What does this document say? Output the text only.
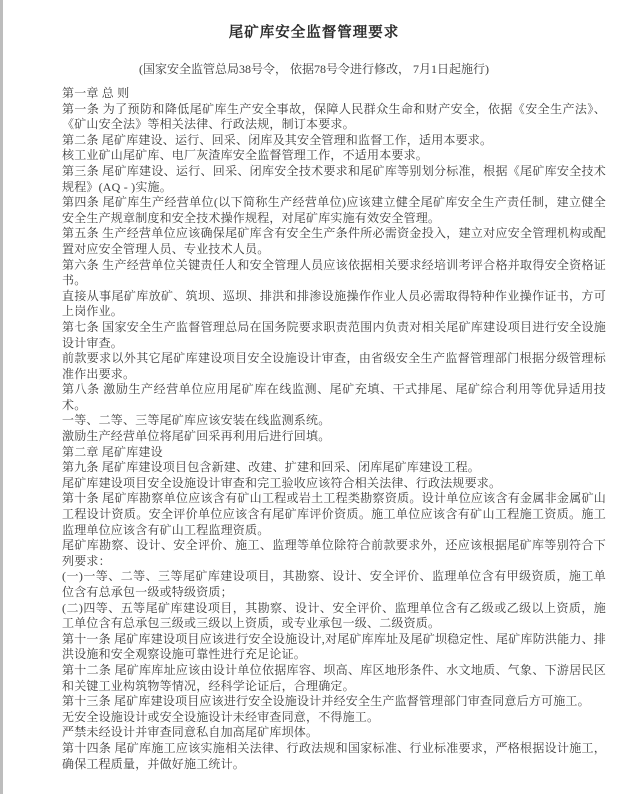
尾矿库安全监督管理要求

(国家安全监管总局38号令， 依据78号令进行修改， 7月1日起施行)

第一章 总 则

第一条 为了预防和降低尾矿库生产安全事故，保障人民群众生命和财产安全，依据《安全生产法》、《矿山安全法》等相关法律、行政法规，制订本要求。

第二条 尾矿库建设、运行、回采、闭库及其安全管理和监督工作，适用本要求。

核工业矿山尾矿库、电厂灰渣库安全监督管理工作，不适用本要求。

第三条 尾矿库建设、运行、回采、闭库安全技术要求和尾矿库等别划分标准，根据《尾矿库安全技术规程》(AQ - )实施。

第四条 尾矿库生产经营单位(以下简称生产经营单位)应该建立健全尾矿库安全生产责任制，建立健全安全生产规章制度和安全技术操作规程，对尾矿库实施有效安全管理。

第五条 生产经营单位应该确保尾矿库含有安全生产条件所必需资金投入，建立对应安全管理机构或配置对应安全管理人员、专业技术人员。

第六条 生产经营单位关键责任人和安全管理人员应该依据相关要求经培训考评合格并取得安全资格证书。

直接从事尾矿库放矿、筑坝、巡坝、排洪和排渗设施操作作业人员必需取得特种作业操作证书，方可上岗作业。

第七条 国家安全生产监督管理总局在国务院要求职责范围内负责对相关尾矿库建设项目进行安全设施设计审查。

前款要求以外其它尾矿库建设项目安全设施设计审查，由省级安全生产监督管理部门根据分级管理标准作出要求。

第八条 激励生产经营单位应用尾矿库在线监测、尾矿充填、干式排尾、尾矿综合利用等优异适用技术。

一等、二等、三等尾矿库应该安装在线监测系统。

激励生产经营单位将尾矿回采再利用后进行回填。

第二章 尾矿库建设

第九条 尾矿库建设项目包含新建、改建、扩建和回采、闭库尾矿库建设工程。

尾矿库建设项目安全设施设计审查和完工验收应该符合相关法律、行政法规要求。

第十条 尾矿库勘察单位应该含有矿山工程或岩土工程类勘察资质。设计单位应该含有金属非金属矿山工程设计资质。安全评价单位应该含有尾矿库评价资质。施工单位应该含有矿山工程施工资质。施工监理单位应该含有矿山工程监理资质。

尾矿库勘察、设计、安全评价、施工、监理等单位除符合前款要求外，还应该根据尾矿库等别符合下列要求：

(一)一等、二等、三等尾矿库建设项目，其勘察、设计、安全评价、监理单位含有甲级资质，施工单位含有总承包一级或特级资质；

(二)四等、五等尾矿库建设项目，其勘察、设计、安全评价、监理单位含有乙级或乙级以上资质，施工单位含有总承包三级或三级以上资质，或专业承包一级、二级资质。

第十一条 尾矿库建设项目应该进行安全设施设计,对尾矿库库址及尾矿坝稳定性、尾矿库防洪能力、排洪设施和安全观察设施可靠性进行充足论证。

第十二条 尾矿库库址应该由设计单位依据库容、坝高、库区地形条件、水文地质、气象、下游居民区和关键工业构筑物等情况，经科学论证后，合理确定。

第十三条 尾矿库建设项目应该进行安全设施设计并经安全生产监督管理部门审查同意后方可施工。

无安全设施设计或安全设施设计未经审查同意，不得施工。

严禁未经设计并审查同意私自加高尾矿库坝体。

第十四条 尾矿库施工应该实施相关法律、行政法规和国家标准、行业标准要求，严格根据设计施工，确保工程质量，并做好施工统计。
